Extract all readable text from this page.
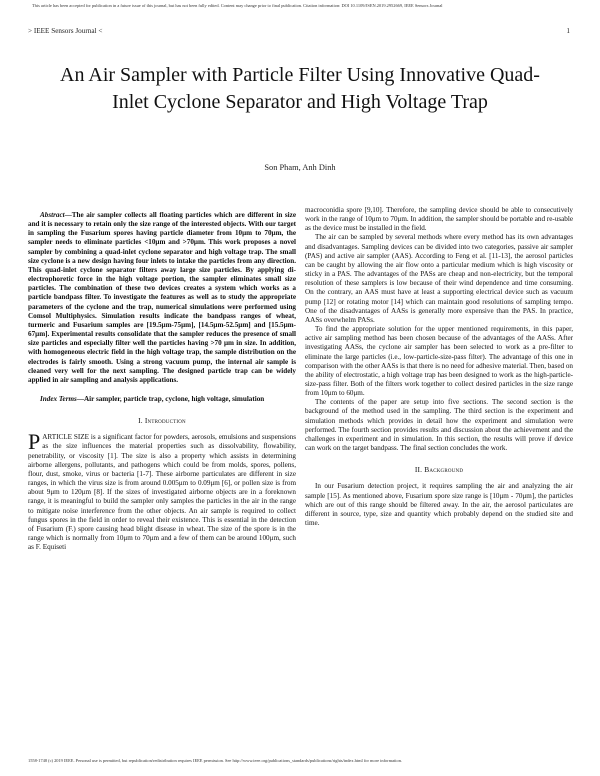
This article has been accepted for publication in a future issue of this journal, but has not been fully edited. Content may change prior to final publication. Citation information: DOI 10.1109/JSEN.2019.2952669, IEEE Sensors Journal
> IEEE Sensors Journal <	1
An Air Sampler with Particle Filter Using Innovative Quad-Inlet Cyclone Separator and High Voltage Trap
Son Pham, Anh Dinh

Abstract—The air sampler collects all floating particles which are different in size and it is necessary to retain only the size range of the interested objects. With our target in sampling the Fusarium spores having particle diameter from 10μm to 70μm, the sampler needs to eliminate particles <10μm and >70μm. This work proposes a novel sampler by combining a quad-inlet cyclone separator and high voltage trap. The small size cyclone is a new design having four inlets to intake the particles from any direction. This quad-inlet cyclone separator filters away large size particles. By applying di-electrophoretic force in the high voltage portion, the sampler eliminates small size particles. The combination of these two devices creates a system which works as a particle bandpass filter. To investigate the features as well as to study the appropriate parameters of the cyclone and the trap, numerical simulations were performed using Comsol Multiphysics. Simulation results indicate the bandpass ranges of wheat, turmeric and Fusarium samples are [19.5μm-75μm], [14.5μm-52.5μm] and [15.5μm-67μm]. Experimental results consolidate that the sampler reduces the presence of small size particles and especially filter well the particles having >70 μm in size. In addition, with homogeneous electric field in the high voltage trap, the sample distribution on the electrodes is fairly smooth. Using a strong vacuum pump, the internal air sample is cleaned very well for the next sampling. The designed particle trap can be widely applied in air sampling and analysis applications.

Index Terms—Air sampler, particle trap, cyclone, high voltage, simulation

I. Introduction

PARTICLE SIZE is a significant factor for powders, aerosols, emulsions and suspensions as the size influences the material properties such as dissolvability, flowability, penetrability, or viscosity [1]. The size is also a property which assists in determining airborne allergens, pollutants, and pathogens which could be from molds, spores, pollens, flour, dust, smoke, virus or bacteria [1-7]. These airborne particulates are different in size ranges, in which the virus size is from around 0.005μm to 0.09μm [6], or pollen size is from about 9μm to 120μm [8]. If the sizes of investigated airborne objects are in a foreknown range, it is meaningful to build the sampler only samples the particles in the air in the range to mitigate noise interference from the other objects. An air sample is required to collect fungus spores in the field in order to reveal their existence. This is essential in the detection of Fusarium (F.) spore causing head blight disease in wheat. The size of the spore is in the range which is normally from 10μm to 70μm and a few of them can be around 100μm, such as F. Equiseti

macroconidia spore [9,10]. Therefore, the sampling device should be able to consecutively work in the range of 10μm to 70μm. In addition, the sampler should be portable and re-usable as the device must be installed in the field.

The air can be sampled by several methods where every method has its own advantages and disadvantages. Sampling devices can be divided into two categories, passive air sampler (PAS) and active air sampler (AAS). According to Feng et al. [11-13], the aerosol particles can be caught by allowing the air flow onto a particular medium which is high viscosity or sticky in a PAS. The advantages of the PASs are cheap and non-electricity, but the temporal resolution of these samplers is low because of their wind dependence and time consuming. On the contrary, an AAS must have at least a supporting electrical device such as vacuum pump [12] or rotating motor [14] which can maintain good resolutions of sampling tempo. One of the disadvantages of AASs is generally more expensive than the PAS. In practice, AASs overwhelm PASs.

To find the appropriate solution for the upper mentioned requirements, in this paper, active air sampling method has been chosen because of the advantages of the AASs. After investigating AASs, the cyclone air sampler has been selected to work as a pre-filter to eliminate the large particles (i.e., low-particle-size-pass filter). The advantage of this one in comparison with the other AASs is that there is no need for adhesive material. Then, based on the ability of electrostatic, a high voltage trap has been designed to work as the high-particle-size-pass filter. Both of the filters work together to collect desired particles in the size range from 10μm to 60μm.

The contents of the paper are setup into five sections. The second section is the background of the method used in the sampling. The third section is the experiment and simulation methods which provides in detail how the experiment and simulation were performed. The fourth section provides results and discussion about the achievement and the challenges in experiment and in simulation. In this section, the results will prove if device can work on the target bandpass. The final section concludes the work.

II. Background

In our Fusarium detection project, it requires sampling the air and analyzing the air sample [15]. As mentioned above, Fusarium spore size range is [10μm - 70μm], the particles which are out of this range should be filtered away. In the air, the aerosol particulates are different in source, type, size and quantity which probably depend on the studied site and time.

1558-1748 (c) 2019 IEEE. Personal use is permitted, but republication/redistribution requires IEEE permission. See http://www.ieee.org/publications_standards/publications/rights/index.html for more information.
